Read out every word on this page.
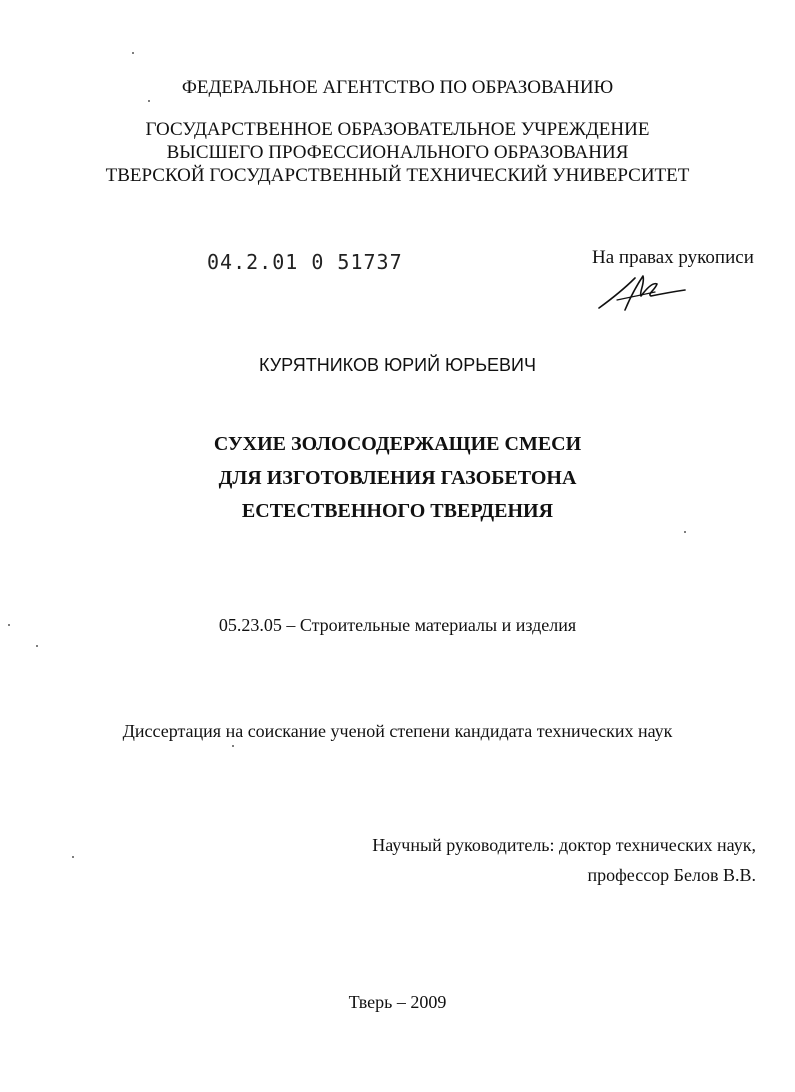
ФЕДЕРАЛЬНОЕ АГЕНТСТВО ПО ОБРАЗОВАНИЮ
ГОСУДАРСТВЕННОЕ ОБРАЗОВАТЕЛЬНОЕ УЧРЕЖДЕНИЕ
ВЫСШЕГО ПРОФЕССИОНАЛЬНОГО ОБРАЗОВАНИЯ
ТВЕРСКОЙ ГОСУДАРСТВЕННЫЙ ТЕХНИЧЕСКИЙ УНИВЕРСИТЕТ
04.2.01 0 51737	На правах рукописи
КУРЯТНИКОВ ЮРИЙ ЮРЬЕВИЧ
СУХИЕ ЗОЛОСОДЕРЖАЩИЕ СМЕСИ
ДЛЯ ИЗГОТОВЛЕНИЯ ГАЗОБЕТОНА
ЕСТЕСТВЕННОГО ТВЕРДЕНИЯ
05.23.05 – Строительные материалы и изделия
Диссертация на соискание ученой степени кандидата технических наук
Научный руководитель: доктор технических наук,
профессор Белов В.В.
Тверь – 2009
